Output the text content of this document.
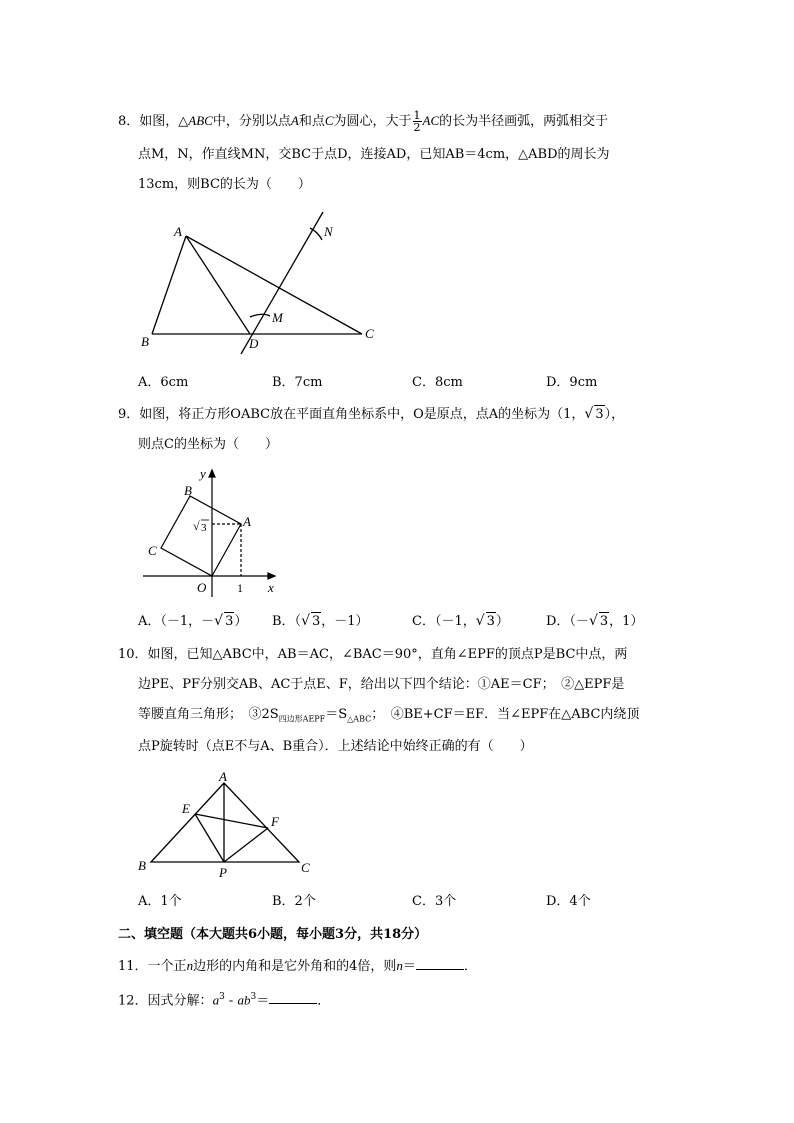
8．如图，△ABC中，分别以点A和点C为圆心，大于 $\frac{1}{2}$ AC的长为半径画弧，两弧相交于
点M，N，作直线MN，交BC于点D，连接AD，已知AB＝4cm，△ABD的周长为
13cm，则BC的长为（　　）
A
B
C
D
M
N
A．6cm	B．7cm	C．8cm	D．9cm
9．如图，将正方形OABC放在平面直角坐标系中，O是原点，点A的坐标为（1，√ 3），
则点C的坐标为（　　）
y
x
B
A
C
O	1
√ 3
A．（－1，－√ 3） B．（√ 3，－1）	C．（－1，√ 3）	D．（－√ 3，1）
10．如图，已知△ABC中，AB＝AC，∠BAC＝90°，直角∠EPF的顶点P是BC中点，两
边PE、PF分别交AB、AC于点E、F，给出以下四个结论：①AE＝CF；　②△EPF是
等腰直角三角形；　$③2S_{四边形AEPF}=S_{\triangle ABC}$；　④BE+CF＝EF．当∠EPF在△ABC内绕顶
点P旋转时（点E不与A、B重合）．上述结论中始终正确的有（　　）
A
B	C
E
F
P
A．1个	B．2个	C．3个	D．4个
二、填空题（本大题共6小题，每小题3分，共18分）
11．一个正n边形的内角和是它外角和的4倍，则n＝	．
12．因式分解：$a^3 - ab^3=$	．
